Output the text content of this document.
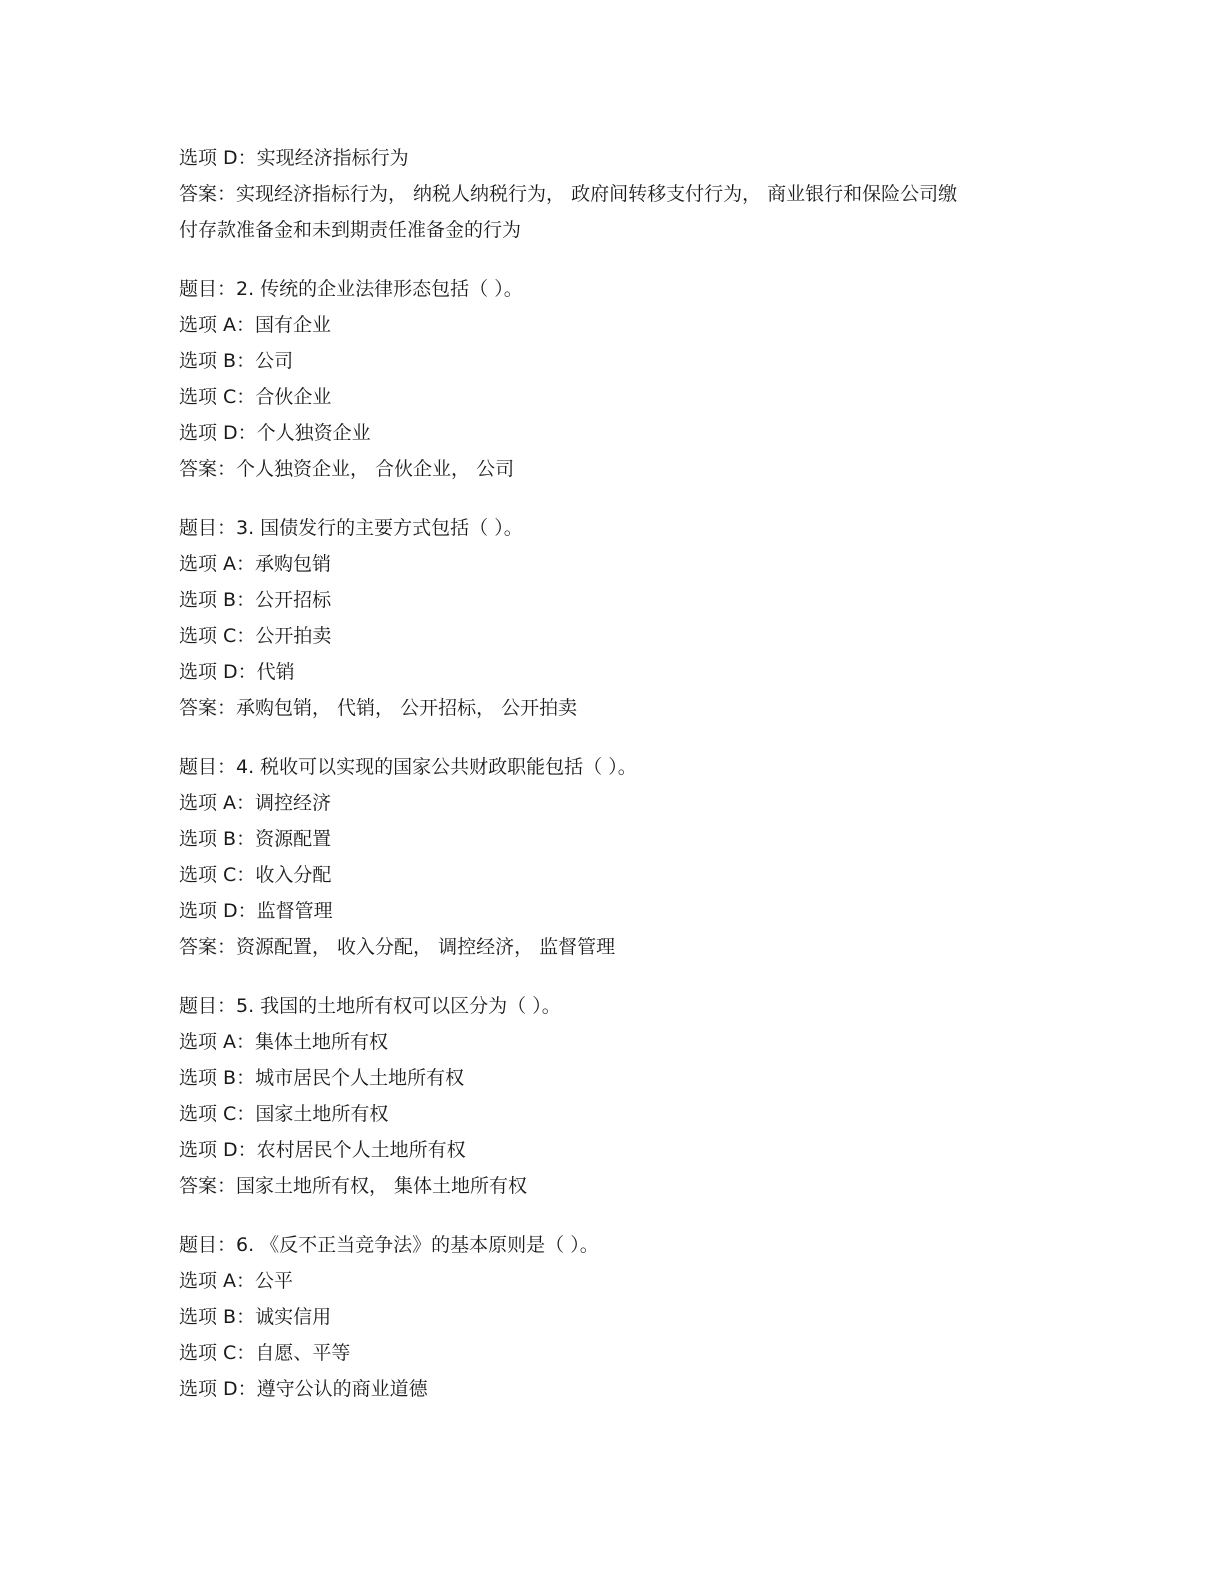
选项 D：实现经济指标行为
答案：实现经济指标行为， 纳税人纳税行为， 政府间转移支付行为， 商业银行和保险公司缴
付存款准备金和未到期责任准备金的行为
题目：2. 传统的企业法律形态包括（ ）。
选项 A：国有企业
选项 B：公司
选项 C：合伙企业
选项 D：个人独资企业
答案：个人独资企业， 合伙企业， 公司
题目：3. 国债发行的主要方式包括（ ）。
选项 A：承购包销
选项 B：公开招标
选项 C：公开拍卖
选项 D：代销
答案：承购包销， 代销， 公开招标， 公开拍卖
题目：4. 税收可以实现的国家公共财政职能包括（ ）。
选项 A：调控经济
选项 B：资源配置
选项 C：收入分配
选项 D：监督管理
答案：资源配置， 收入分配， 调控经济， 监督管理
题目：5. 我国的土地所有权可以区分为（ ）。
选项 A：集体土地所有权
选项 B：城市居民个人土地所有权
选项 C：国家土地所有权
选项 D：农村居民个人土地所有权
答案：国家土地所有权， 集体土地所有权
题目：6. 《反不正当竞争法》的基本原则是（ ）。
选项 A：公平
选项 B：诚实信用
选项 C：自愿、平等
选项 D：遵守公认的商业道德
